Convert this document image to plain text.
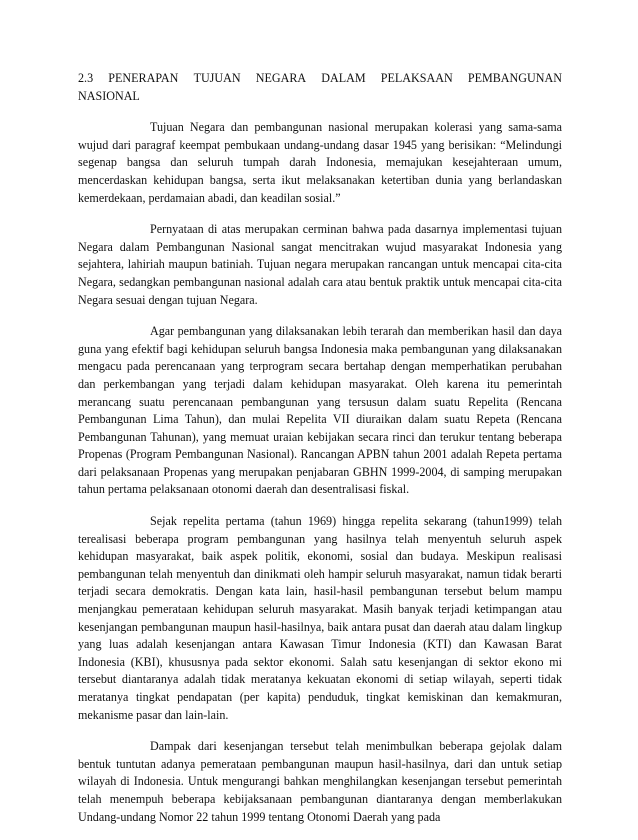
2.3 PENERAPAN TUJUAN NEGARA DALAM PELAKSAAN PEMBANGUNAN
NASIONAL

Tujuan Negara dan pembangunan nasional merupakan kolerasi yang sama-sama wujud dari paragraf keempat pembukaan undang-undang dasar 1945 yang berisikan: “Melindungi segenap bangsa dan seluruh tumpah darah Indonesia, memajukan kesejahteraan umum, mencerdaskan kehidupan bangsa, serta ikut melaksanakan ketertiban dunia yang berlandaskan kemerdekaan, perdamaian abadi, dan keadilan sosial.”

Pernyataan di atas merupakan cerminan bahwa pada dasarnya implementasi tujuan Negara dalam Pembangunan Nasional sangat mencitrakan wujud masyarakat Indonesia yang sejahtera, lahiriah maupun batiniah. Tujuan negara merupakan rancangan untuk mencapai cita-cita Negara, sedangkan pembangunan nasional adalah cara atau bentuk praktik untuk mencapai cita-cita Negara sesuai dengan tujuan Negara.

Agar pembangunan yang dilaksanakan lebih terarah dan memberikan hasil dan daya guna yang efektif bagi kehidupan seluruh bangsa Indonesia maka pembangunan yang dilaksanakan mengacu pada perencanaan yang terprogram secara bertahap dengan memperhatikan perubahan dan perkembangan yang terjadi dalam kehidupan masyarakat. Oleh karena itu pemerintah merancang suatu perencanaan pembangunan yang tersusun dalam suatu Repelita (Rencana Pembangunan Lima Tahun), dan mulai Repelita VII diuraikan dalam suatu Repeta (Rencana Pembangunan Tahunan), yang memuat uraian kebijakan secara rinci dan terukur tentang beberapa Propenas (Program Pembangunan Nasional). Rancangan APBN tahun 2001 adalah Repeta pertama dari pelaksanaan Propenas yang merupakan penjabaran GBHN 1999-2004, di samping merupakan tahun pertama pelaksanaan otonomi daerah dan desentralisasi fiskal.

Sejak repelita pertama (tahun 1969) hingga repelita sekarang (tahun1999) telah terealisasi beberapa program pembangunan yang hasilnya telah menyentuh seluruh aspek kehidupan masyarakat, baik aspek politik, ekonomi, sosial dan budaya. Meskipun realisasi pembangunan telah menyentuh dan dinikmati oleh hampir seluruh masyarakat, namun tidak berarti terjadi secara demokratis. Dengan kata lain, hasil-hasil pembangunan tersebut belum mampu menjangkau pemerataan kehidupan seluruh masyarakat. Masih banyak terjadi ketimpangan atau kesenjangan pembangunan maupun hasil-hasilnya, baik antara pusat dan daerah atau dalam lingkup yang luas adalah kesenjangan antara Kawasan Timur Indonesia (KTI) dan Kawasan Barat Indonesia (KBI), khususnya pada sektor ekonomi. Salah satu kesenjangan di sektor ekono mi tersebut diantaranya adalah tidak meratanya kekuatan ekonomi di setiap wilayah, seperti tidak meratanya tingkat pendapatan (per kapita) penduduk, tingkat kemiskinan dan kemakmuran, mekanisme pasar dan lain-lain.

Dampak dari kesenjangan tersebut telah menimbulkan beberapa gejolak dalam bentuk tuntutan adanya pemerataan pembangunan maupun hasil-hasilnya, dari dan untuk setiap wilayah di Indonesia. Untuk mengurangi bahkan menghilangkan kesenjangan tersebut pemerintah telah menempuh beberapa kebijaksanaan pembangunan diantaranya dengan memberlakukan Undang-undang Nomor 22 tahun 1999 tentang Otonomi Daerah yang pada
